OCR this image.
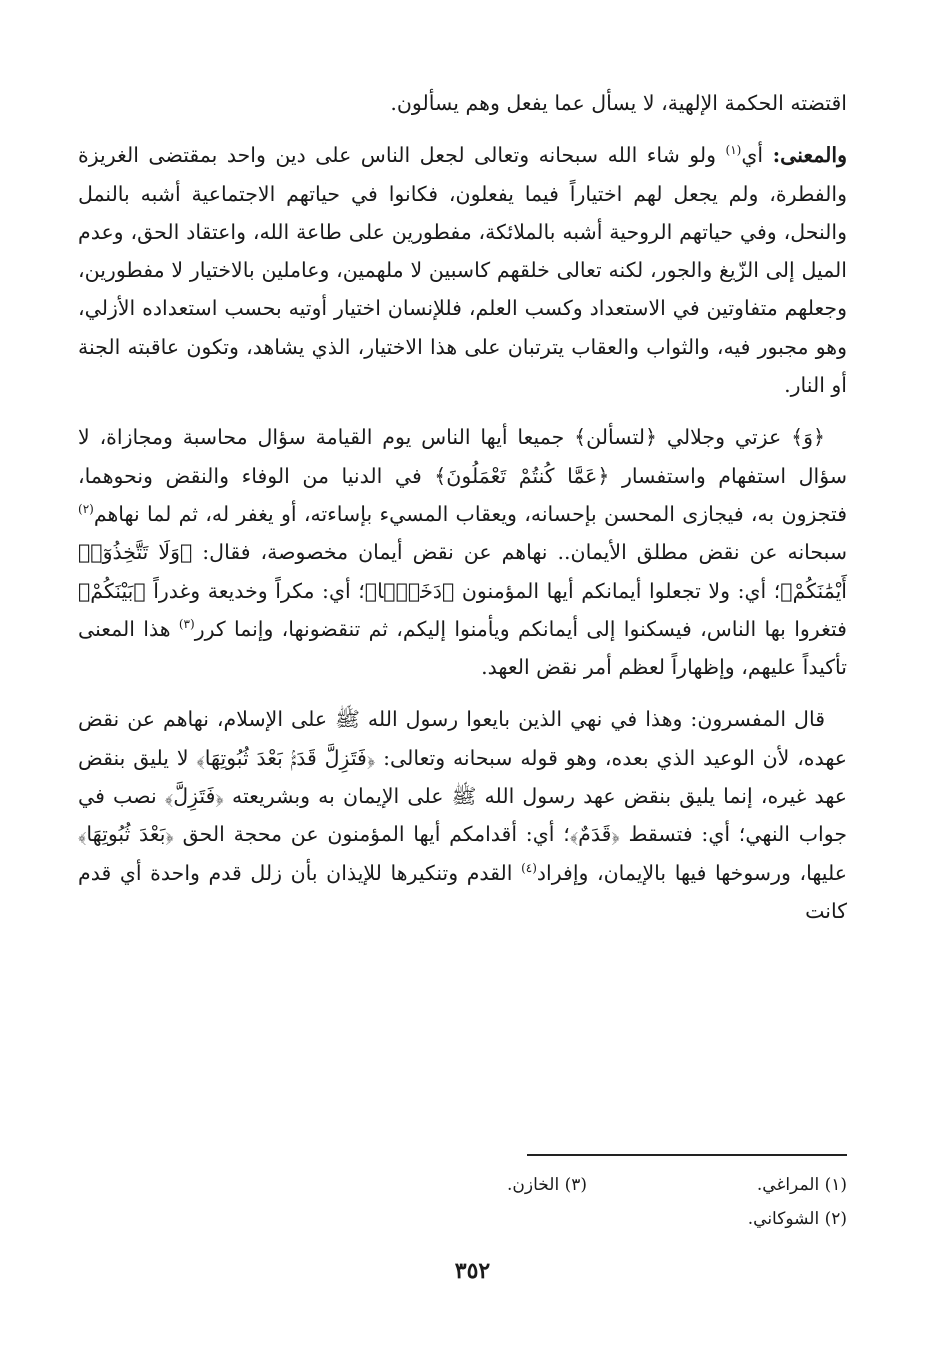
اقتضته الحكمة الإلهية، لا يسأل عما يفعل وهم يسألون.

والمعنى: أي$^{(١)}$ ولو شاء الله سبحانه وتعالى لجعل الناس على دين واحد بمقتضى الغريزة والفطرة، ولم يجعل لهم اختياراً فيما يفعلون، فكانوا في حياتهم الاجتماعية أشبه بالنمل والنحل، وفي حياتهم الروحية أشبه بالملائكة، مفطورين على طاعة الله، واعتقاد الحق، وعدم الميل إلى الزّيغ والجور، لكنه تعالى خلقهم كاسبين لا ملهمين، وعاملين بالاختيار لا مفطورين، وجعلهم متفاوتين في الاستعداد وكسب العلم، فللإنسان اختيار أوتيه بحسب استعداده الأزلي، وهو مجبور فيه، والثواب والعقاب يترتبان على هذا الاختيار، الذي يشاهد، وتكون عاقبته الجنة أو النار.

﴿وَ﴾ عزتي وجلالي ﴿لتسألن﴾ جميعا أيها الناس يوم القيامة سؤال محاسبة ومجازاة، لا سؤال استفهام واستفسار ﴿عَمَّا كُنتُمْ تَعْمَلُونَ﴾ في الدنيا من الوفاء والنقض ونحوهما، فتجزون به، فيجازى المحسن بإحسانه، ويعقاب المسيء بإساءته، أو يغفر له، ثم لما نهاهم$^{(٢)}$ سبحانه عن نقض مطلق الأيمان.. نهاهم عن نقض أيمان مخصوصة، فقال: ﴿وَلَا تَتَّخِذُوٓا۟ أَيْمَٰنَكُمْ﴾؛ أي: ولا تجعلوا أيمانكم أيها المؤمنون ﴿دَخَلًۢا﴾؛ أي: مكراً وخديعة وغدراً ﴿بَيْنَكُمْ﴾ فتغروا بها الناس، فيسكنوا إلى أيمانكم ويأمنوا إليكم، ثم تنقضونها، وإنما كرر$^{(٣)}$ هذا المعنى تأكيداً عليهم، وإظهاراً لعظم أمر نقض العهد.

قال المفسرون: وهذا في نهي الذين بايعوا رسول الله ﷺ على الإسلام، نهاهم عن نقض عهده، لأن الوعيد الذي بعده، وهو قوله سبحانه وتعالى: ﴿فَتَزِلَّ قَدَمٌۢ بَعْدَ ثُبُوتِهَا﴾ لا يليق بنقض عهد غيره، إنما يليق بنقض عهد رسول الله ﷺ على الإيمان به وبشريعته ﴿فَتَزِلَّ﴾ نصب في جواب النهي؛ أي: فتسقط ﴿قَدَمٌ﴾؛ أي: أقدامكم أيها المؤمنون عن محجة الحق ﴿بَعْدَ ثُبُوتِهَا﴾ عليها، ورسوخها فيها بالإيمان، وإفراد$^{(٤)}$ القدم وتنكيرها للإيذان بأن زلل قدم واحدة أي قدم كانت

(١) المراغي.
(٣) الخازن.
(٢) الشوكاني.
٣٥٢
